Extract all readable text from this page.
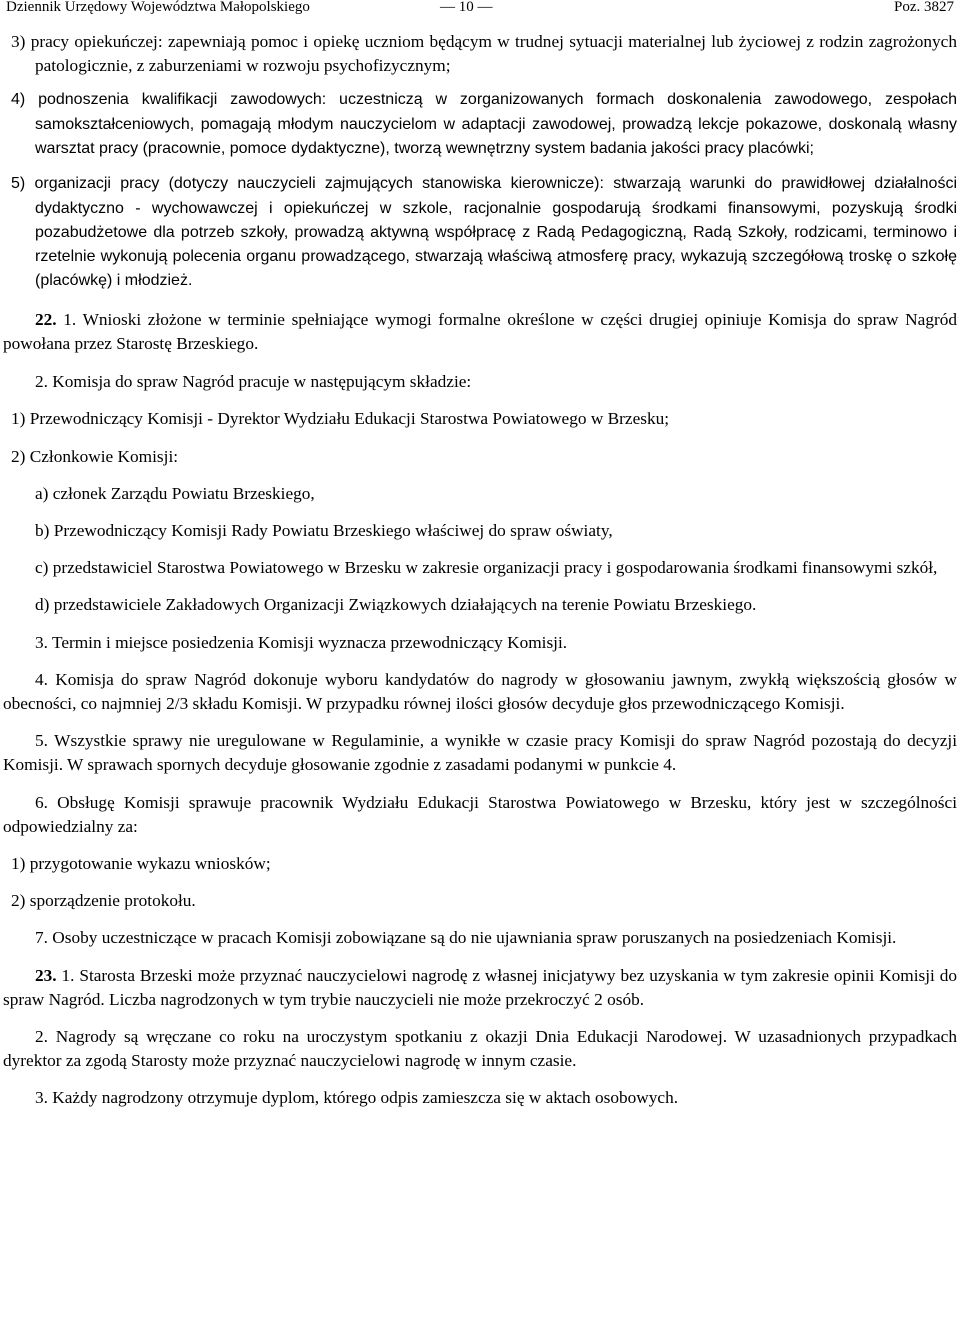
Dziennik Urzędowy Województwa Małopolskiego	— 10 —	Poz. 3827

3) pracy opiekuńczej: zapewniają pomoc i opiekę uczniom będącym w trudnej sytuacji materialnej lub życiowej z rodzin zagrożonych patologicznie, z zaburzeniami w rozwoju psychofizycznym;

4) podnoszenia kwalifikacji zawodowych: uczestniczą w zorganizowanych formach doskonalenia zawodowego, zespołach samokształceniowych, pomagają młodym nauczycielom w adaptacji zawodowej, prowadzą lekcje pokazowe, doskonalą własny warsztat pracy (pracownie, pomoce dydaktyczne), tworzą wewnętrzny system badania jakości pracy placówki;

5) organizacji pracy (dotyczy nauczycieli zajmujących stanowiska kierownicze): stwarzają warunki do prawidłowej działalności dydaktyczno - wychowawczej i opiekuńczej w szkole, racjonalnie gospodarują środkami finansowymi, pozyskują środki pozabudżetowe dla potrzeb szkoły, prowadzą aktywną współpracę z Radą Pedagogiczną, Radą Szkoły, rodzicami, terminowo i rzetelnie wykonują polecenia organu prowadzącego, stwarzają właściwą atmosferę pracy, wykazują szczegółową troskę o szkołę (placówkę) i młodzież.

22. 1. Wnioski złożone w terminie spełniające wymogi formalne określone w części drugiej opiniuje Komisja do spraw Nagród powołana przez Starostę Brzeskiego.

2. Komisja do spraw Nagród pracuje w następującym składzie:

1) Przewodniczący Komisji - Dyrektor Wydziału Edukacji Starostwa Powiatowego w Brzesku;

2) Członkowie Komisji:

a) członek Zarządu Powiatu Brzeskiego,

b) Przewodniczący Komisji Rady Powiatu Brzeskiego właściwej do spraw oświaty,

c) przedstawiciel Starostwa Powiatowego w Brzesku w zakresie organizacji pracy i gospodarowania środkami finansowymi szkół,

d) przedstawiciele Zakładowych Organizacji Związkowych działających na terenie Powiatu Brzeskiego.

3. Termin i miejsce posiedzenia Komisji wyznacza przewodniczący Komisji.

4. Komisja do spraw Nagród dokonuje wyboru kandydatów do nagrody w głosowaniu jawnym, zwykłą większością głosów w obecności, co najmniej 2/3 składu Komisji. W przypadku równej ilości głosów decyduje głos przewodniczącego Komisji.

5. Wszystkie sprawy nie uregulowane w Regulaminie, a wynikłe w czasie pracy Komisji do spraw Nagród pozostają do decyzji Komisji. W sprawach spornych decyduje głosowanie zgodnie z zasadami podanymi w punkcie 4.

6. Obsługę Komisji sprawuje pracownik Wydziału Edukacji Starostwa Powiatowego w Brzesku, który jest w szczególności odpowiedzialny za:

1) przygotowanie wykazu wniosków;

2) sporządzenie protokołu.

7. Osoby uczestniczące w pracach Komisji zobowiązane są do nie ujawniania spraw poruszanych na posiedzeniach Komisji.

23. 1. Starosta Brzeski może przyznać nauczycielowi nagrodę z własnej inicjatywy bez uzyskania w tym zakresie opinii Komisji do spraw Nagród. Liczba nagrodzonych w tym trybie nauczycieli nie może przekroczyć 2 osób.

2. Nagrody są wręczane co roku na uroczystym spotkaniu z okazji Dnia Edukacji Narodowej. W uzasadnionych przypadkach dyrektor za zgodą Starosty może przyznać nauczycielowi nagrodę w innym czasie.

3. Każdy nagrodzony otrzymuje dyplom, którego odpis zamieszcza się w aktach osobowych.
